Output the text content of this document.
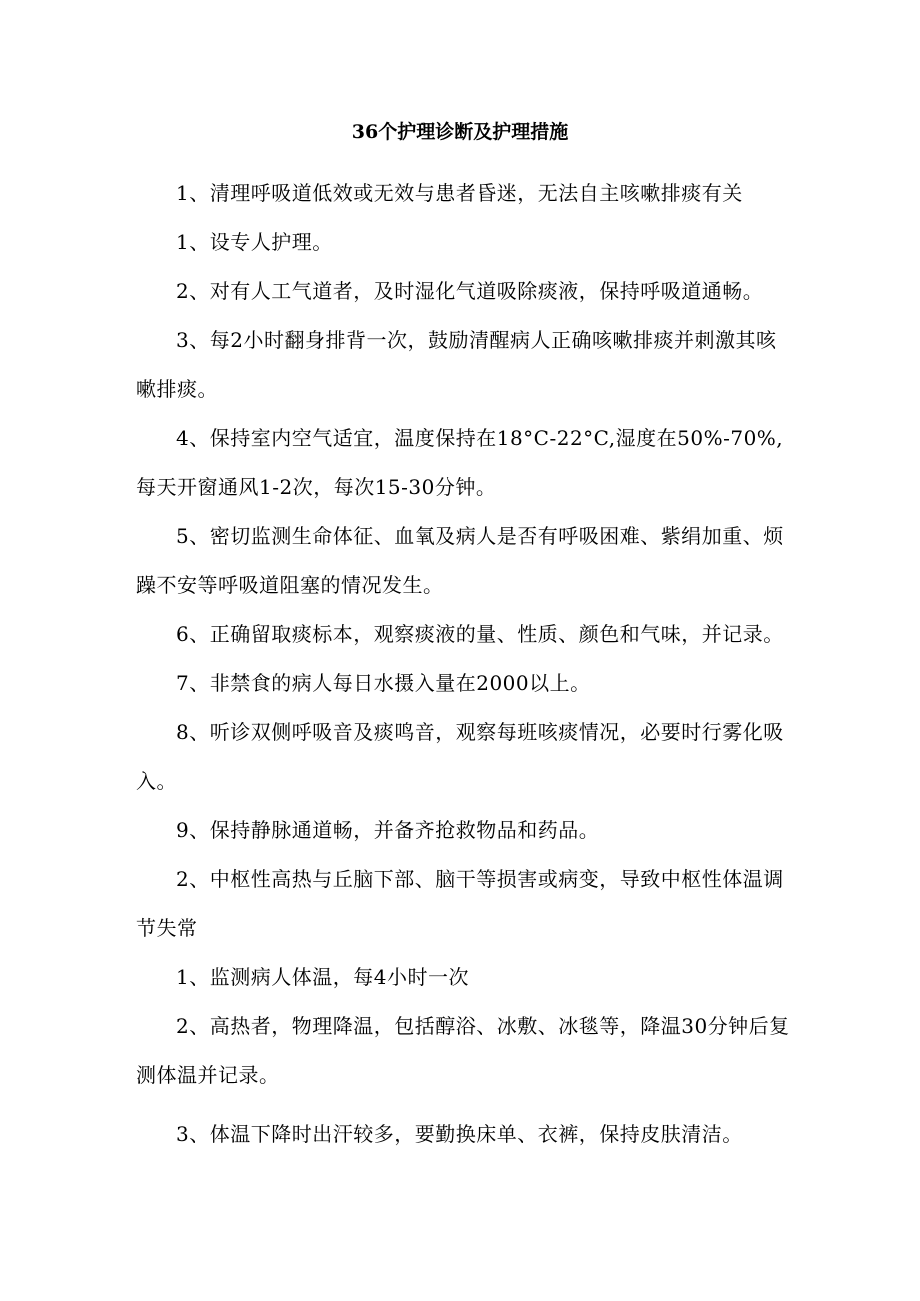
36个护理诊断及护理措施
1、清理呼吸道低效或无效与患者昏迷，无法自主咳嗽排痰有关
1、设专人护理。
2、对有人工气道者，及时湿化气道吸除痰液，保持呼吸道通畅。
3、每2小时翻身排背一次，鼓励清醒病人正确咳嗽排痰并刺激其咳嗽排痰。
4、保持室内空气适宜，温度保持在18°C-22°C,湿度在50%-70%,每天开窗通风1-2次，每次15-30分钟。
5、密切监测生命体征、血氧及病人是否有呼吸困难、紫绢加重、烦躁不安等呼吸道阻塞的情况发生。
6、正确留取痰标本，观察痰液的量、性质、颜色和气味，并记录。
7、非禁食的病人每日水摄入量在2000以上。
8、听诊双侧呼吸音及痰鸣音，观察每班咳痰情况，必要时行雾化吸入。
9、保持静脉通道畅，并备齐抢救物品和药品。
2、中枢性高热与丘脑下部、脑干等损害或病变，导致中枢性体温调节失常
1、监测病人体温，每4小时一次
2、高热者，物理降温，包括醇浴、冰敷、冰毯等，降温30分钟后复测体温并记录。
3、体温下降时出汗较多，要勤换床单、衣裤，保持皮肤清洁。
